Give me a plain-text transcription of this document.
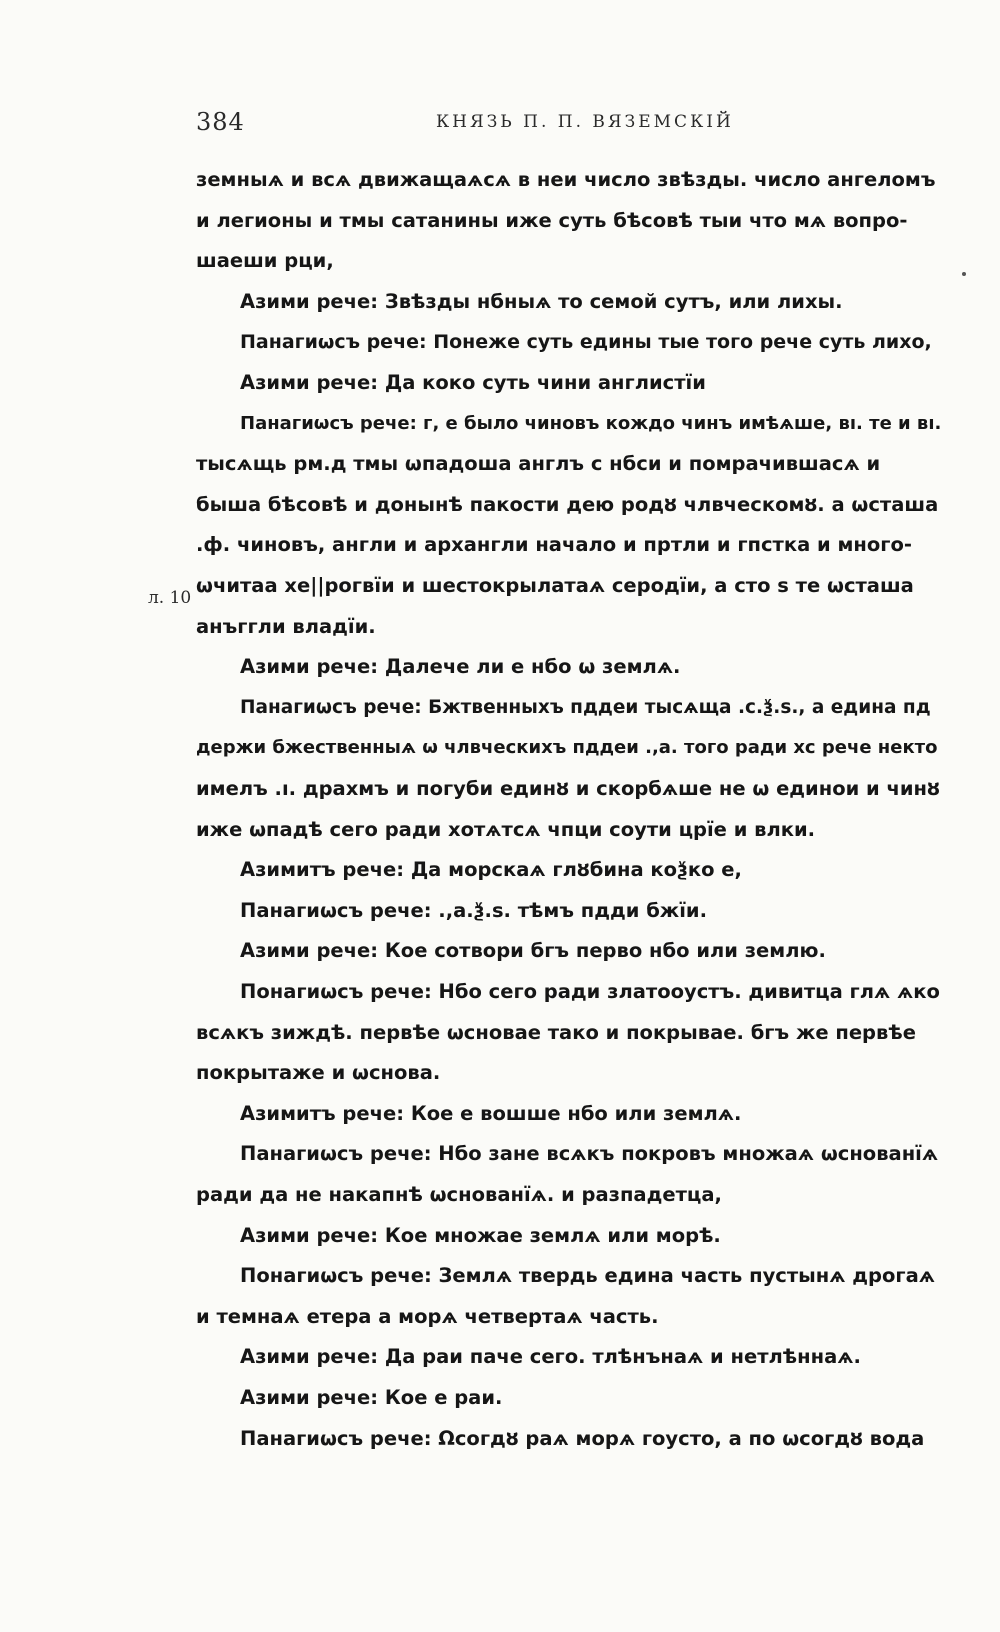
384	КНЯЗЬ П. П. ВЯЗЕМСКІЙ
л. 10
земныѧ и всѧ движащаѧсѧ в неи число звѣзды. число ангеломъ
и легионы и тмы сатанины иже суть бѣсовѣ тыи что мѧ вопро-
шаеши рци,
Азими рече: Звѣзды нбныѧ то семой сутъ, или лихы.
Панагиωсъ рече: Понеже суть едины тые того рече суть лихо,
Азими рече: Да коко суть чини англистїи
Панагиωсъ рече: г, е было чиновъ кождо чинъ имѣѧше, вı. те и вı.
тысѧщь рм.д тмы ωпадоша англъ с нбси и помрачившасѧ и
быша бѣсовѣ и донынѣ пакости дею родȣ члвческомȣ. а ωсташа
.ф. чиновъ, англи и архангли начало и пртли и гпстка и много-
ωчитаа хе||рогвїи и шестокрылатаѧ серодїи, а сто ѕ те ωсташа
анъггли владїи.
Азими рече: Далече ли е нбо ω землѧ.
Панагиωсъ рече: Бжтвенныхъ пддеи тысѧща .с.ѯ.ѕ., а едина пд
держи бжественныѧ ω члвческихъ пддеи .,а. того ради хс рече некто
имелъ .ı. драхмъ и погуби единȣ и скорбѧше не ω единои и чинȣ
иже ωпадѣ сего ради хотѧтсѧ чпци соути црїе и влки.
Азимитъ рече: Да морскаѧ глȣбина коѯко е,
Панагиωсъ рече: .,а.ѯ.ѕ. тѣмъ пдди бжїи.
Азими рече: Кое сотвори бгъ перво нбо или землю.
Понагиωсъ рече: Нбо сего ради златооустъ. дивитца глѧ ѧко
всѧкъ зиждѣ. первѣе ωсновае тако и покрывае. бгъ же первѣе
покрытаже и ωснова.
Азимитъ рече: Кое е вошше нбо или землѧ.
Панагиωсъ рече: Нбо зане всѧкъ покровъ множаѧ ωснованїѧ
ради да не накапнѣ ωснованїѧ. и разпадетца,
Азими рече: Кое множае землѧ или морѣ.
Понагиωсъ рече: Землѧ твердь едина часть пустынѧ дрогаѧ
и темнаѧ етера а морѧ четвертаѧ часть.
Азими рече: Да раи паче сего. тлѣнънаѧ и нетлѣннаѧ.
Азими рече: Кое е раи.
Панагиωсъ рече: Ωсогдȣ раѧ морѧ гоусто, а по ωсогдȣ вода
